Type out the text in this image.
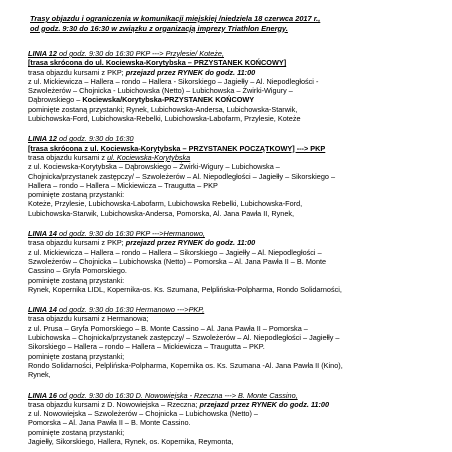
Trasy objazdu i ograniczenia w komunikacji miejskiej /niedziela 18 czerwca 2017 r.,
od godz. 9:30 do 16:30 w związku z organizacją imprezy Triathlon Energy.
LINIA 12 od godz. 9:30 do 16:30 PKP ---> Przylesie/ Koteże,
[trasa skrócona do ul. Kociewska-Korytybska – PRZYSTANEK KOŃCOWY]
trasa objazdu kursami z PKP; przejazd przez RYNEK do godz. 11:00
z ul. Mickiewicza – Hallera – rondo – Hallera - Sikorskiego – Jagiełły – Al. Niepodległości -
Szwoleżerów – Chojnicka - Lubichowska (Netto) – Lubichowska – Żwirki-Wigury –
Dąbrowskiego – Kociewska/Korytybska-PRZYSTANEK KOŃCOWY
pominięte zostaną przystanki; Rynek, Lubichowska-Andersa, Lubichowska-Starwik,
Lubichowska-Ford, Lubichowska-Rebelki, Lubichowska-Labofarm, Przylesie, Kotеże
LINIA 12 od godz. 9:30 do 16:30
[trasa skrócona z ul. Kociewska-Korytybska – PRZYSTANEK POCZĄTKOWY] ---> PKP
trasa objazdu kursami z ul. Kociewska-Korytybska
z ul. Kociewska-Korytybska – Dąbrowskiego – Żwirki-Wigury – Lubichowska –
Chojnicka/przystanek zastępczy/ – Szwoleżerów – Al. Niepodległości – Jagiełły – Sikorskiego –
Hallera – rondo – Hallera – Mickiewicza – Traugutta – PKP
pominięte zostaną przystanki:
Kotеże, Przylesie, Lubichowska-Labofarm, Lubichowska Rebelki, Lubichowska-Ford,
Lubichowska-Starwik, Lubichowska-Andersa, Pomorska, Al. Jana Pawła II, Rynek,
LINIA 14 od godz. 9:30 do 16:30 PKP --->Hermanowo,
trasa objazdu kursami z PKP; przejazd przez RYNEK do godz. 11:00
z ul. Mickiewicza – Hallera – rondo – Hallera – Sikorskiego – Jagiełły – Al. Niepodległości –
Szwoleżerów – Chojnicka – Lubichowska (Netto) – Pomorska – Al. Jana Pawła II – B. Monte
Cassino – Gryfa Pomorskiego.
pominięte zostaną przystanki:
Rynek, Kopernika LIDL, Kopernika-os. Ks. Szumana, Pelplińska-Polpharma, Rondo Solidarności,
LINIA 14 od godz. 9:30 do 16:30 Hermanowo --->PKP,
trasa objazdu kursami z Hermanowa;
z ul. Prusa – Gryfa Pomorskiego – B. Monte Cassino – Al. Jana Pawła II – Pomorska –
Lubichowska – Chojnicka/przystanek zastępczy/ – Szwoleżerów – Al. Niepodległości – Jagiełły –
Sikorskiego – Hallera – rondo – Hallera – Mickiewicza – Traugutta – PKP.
pominięte zostaną przystanki;
Rondo Solidarności, Pelplińska-Polpharma, Kopernika os. Ks. Szumana -Al. Jana Pawła II (Kino),
Rynek,
LINIA 16 od godz. 9:30 do 16:30 D. Nowowiejska - Rzeczna ---> B. Monte Cassino,
trasa objazdu kursami z D. Nowowiejska – Rzeczna; przejazd przez RYNEK do godz. 11:00
z ul. Nowowiejska – Szwoleżerów – Chojnicka – Lubichowska (Netto) –
Pomorska – Al. Jana Pawła II – B. Monte Cassino.
pominięte zostaną przystanki;
Jagiełły, Sikorskiego, Hallera, Rynek, os. Kopernika, Reymonta,
